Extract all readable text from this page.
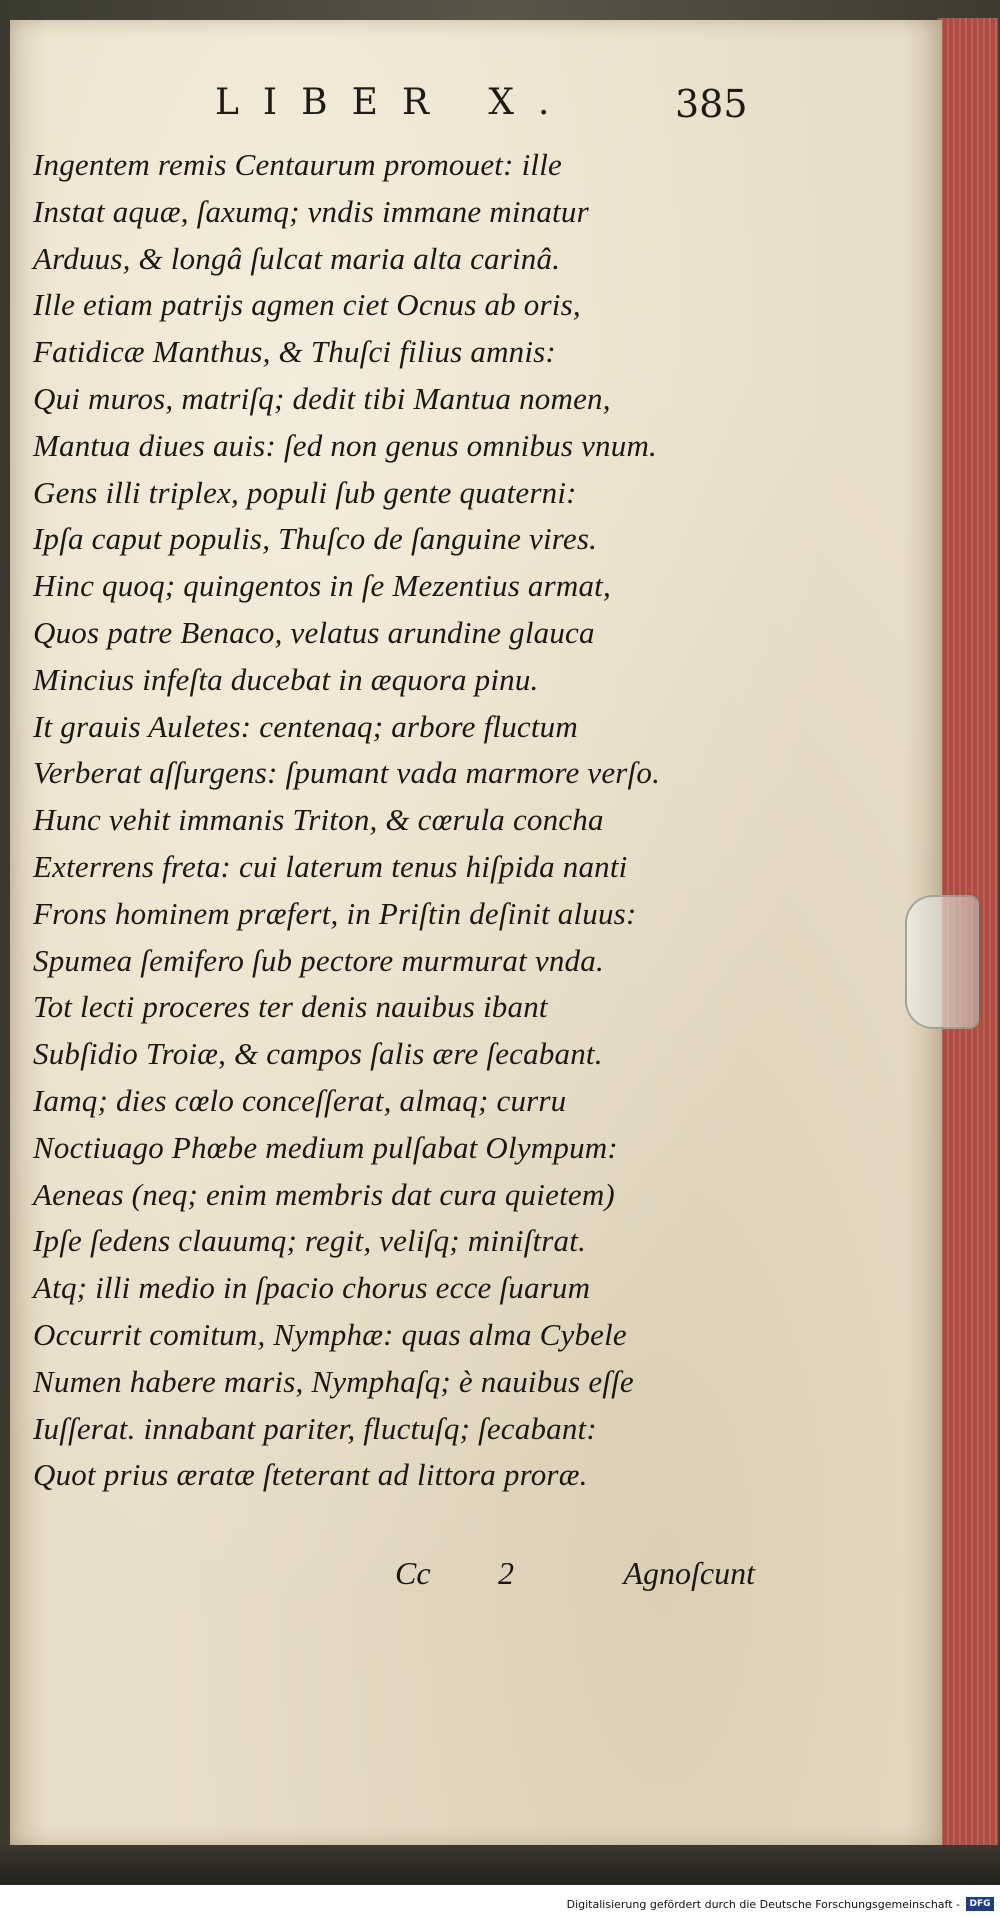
LIBER X.	385
Ingentem remis Centaurum promouet: ille
Instat aquæ, ſaxumq; vndis immane minatur
Arduus, & longâ ſulcat maria alta carinâ.
Ille etiam patrijs agmen ciet Ocnus ab oris,
Fatidicæ Manthus, & Thuſci filius amnis:
Qui muros, matriſq; dedit tibi Mantua nomen,
Mantua diues auis: ſed non genus omnibus vnum.
Gens illi triplex, populi ſub gente quaterni:
Ipſa caput populis, Thuſco de ſanguine vires.
Hinc quoq; quingentos in ſe Mezentius armat,
Quos patre Benaco, velatus arundine glauca
Mincius infeſta ducebat in æquora pinu.
It grauis Auletes: centenaq; arbore fluctum
Verberat aſſurgens: ſpumant vada marmore verſo.
Hunc vehit immanis Triton, & cœrula concha
Exterrens freta: cui laterum tenus hiſpida nanti
Frons hominem præfert, in Priſtin deſinit aluus:
Spumea ſemifero ſub pectore murmurat vnda.
Tot lecti proceres ter denis nauibus ibant
Subſidio Troiæ, & campos ſalis ære ſecabant.
Iamq; dies cœlo conceſſerat, almaq; curru
Noctiuago Phœbe medium pulſabat Olympum:
Aeneas (neq; enim membris dat cura quietem)
Ipſe ſedens clauumq; regit, veliſq; miniſtrat.
Atq; illi medio in ſpacio chorus ecce ſuarum
Occurrit comitum, Nymphæ: quas alma Cybele
Numen habere maris, Nymphaſq; è nauibus eſſe
Iuſſerat. innabant pariter, fluctuſq; ſecabant:
Quot prius æratæ ſteterant ad littora proræ.
Cc 2	Agnoſcunt
Digitalisierung gefördert durch die Deutsche Forschungsgemeinschaft -	DFG
